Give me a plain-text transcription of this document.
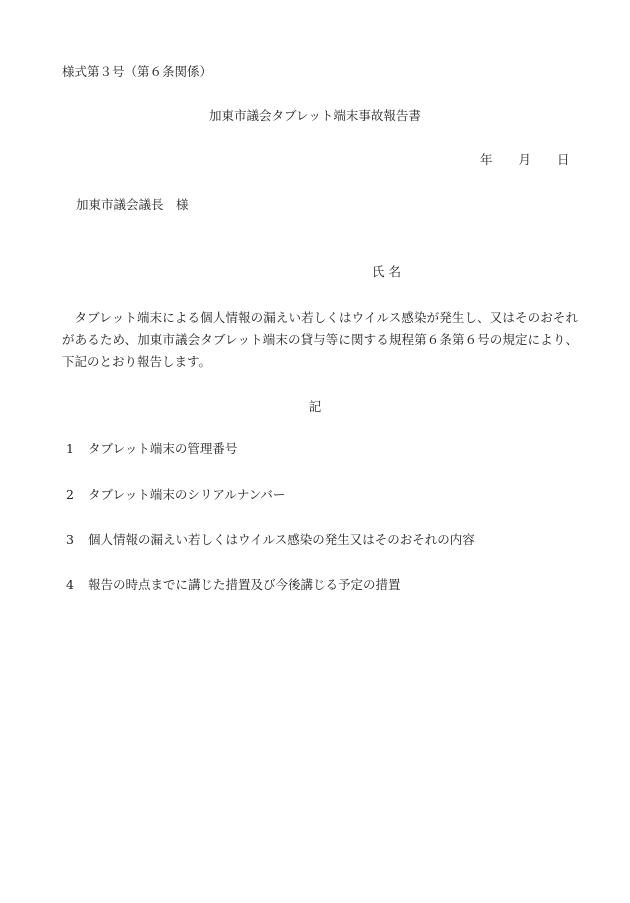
様式第３号（第６条関係）
加東市議会タブレット端末事故報告書
年 月 日
加東市議会議長　様
氏 名
タブレット端末による個人情報の漏えい若しくはウイルス感染が発生し、又はそのおそれがあるため、加東市議会タブレット端末の貸与等に関する規程第６条第６号の規定により、下記のとおり報告します。
記
1 タブレット端末の管理番号
2 タブレット端末のシリアルナンバー
3 個人情報の漏えい若しくはウイルス感染の発生又はそのおそれの内容
4 報告の時点までに講じた措置及び今後講じる予定の措置
